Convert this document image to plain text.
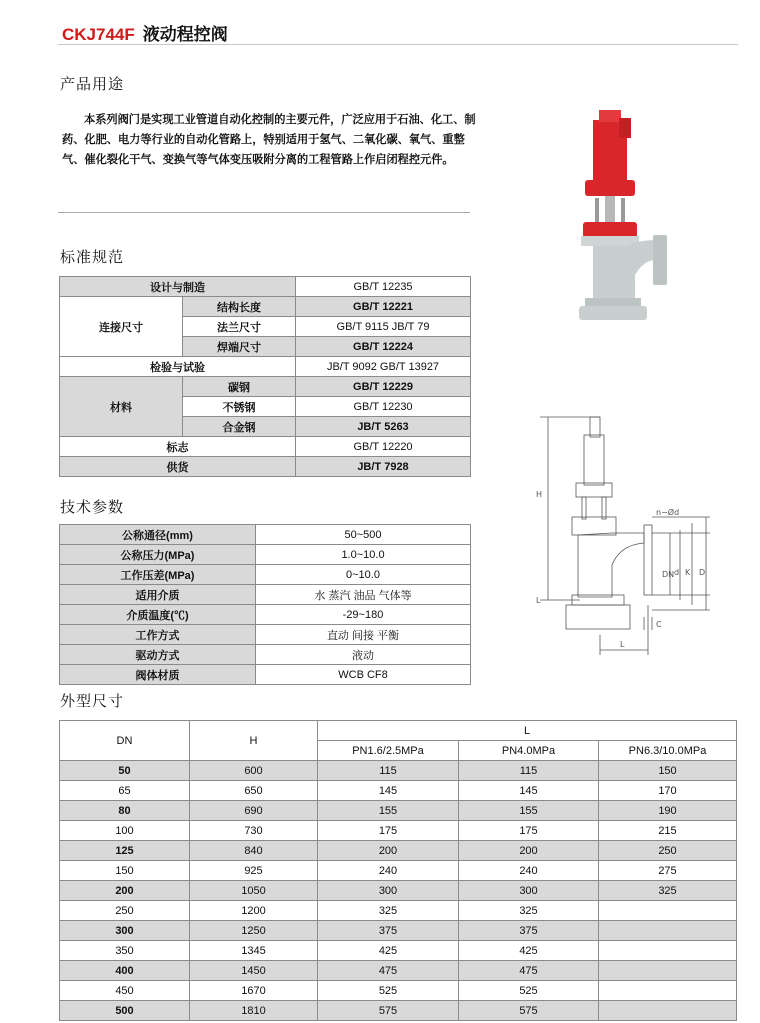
CKJ744F 液动程控阀
产品用途
本系列阀门是实现工业管道自动化控制的主要元件，广泛应用于石油、化工、制药、化肥、电力等行业的自动化管路上，特别适用于氢气、二氧化碳、氧气、重整气、催化裂化干气、变换气等气体变压吸附分离的工程管路上作启闭程控元件。
标准规范
设计与制造		GB/T 12235
连接尺寸	结构长度	GB/T 12221
	法兰尺寸	GB/T 9115 JB/T 79
	焊端尺寸	GB/T 12224
检验与试验		JB/T 9092 GB/T 13927
材料	碳钢	GB/T 12229
	不锈钢	GB/T 12230
	合金钢	JB/T 5263
标志		GB/T 12220
供货		JB/T 7928
H
L
n−Ød
DN d K D
C
L
技术参数
公称通径(mm)	50~500
公称压力(MPa)	1.0~10.0
工作压差(MPa)	0~10.0
适用介质	水 蒸汽 油品 气体等
介质温度(℃)	-29~180
工作方式	直动 间接 平衡
驱动方式	液动
阀体材质	WCB CF8
外型尺寸
DN	H	L		
		PN1.6/2.5MPa	PN4.0MPa	PN6.3/10.0MPa
50	600	115	115	150
65	650	145	145	170
80	690	155	155	190
100	730	175	175	215
125	840	200	200	250
150	925	240	240	275
200	1050	300	300	325
250	1200	325	325	
300	1250	375	375	
350	1345	425	425	
400	1450	475	475	
450	1670	525	525	
500	1810	575	575	
